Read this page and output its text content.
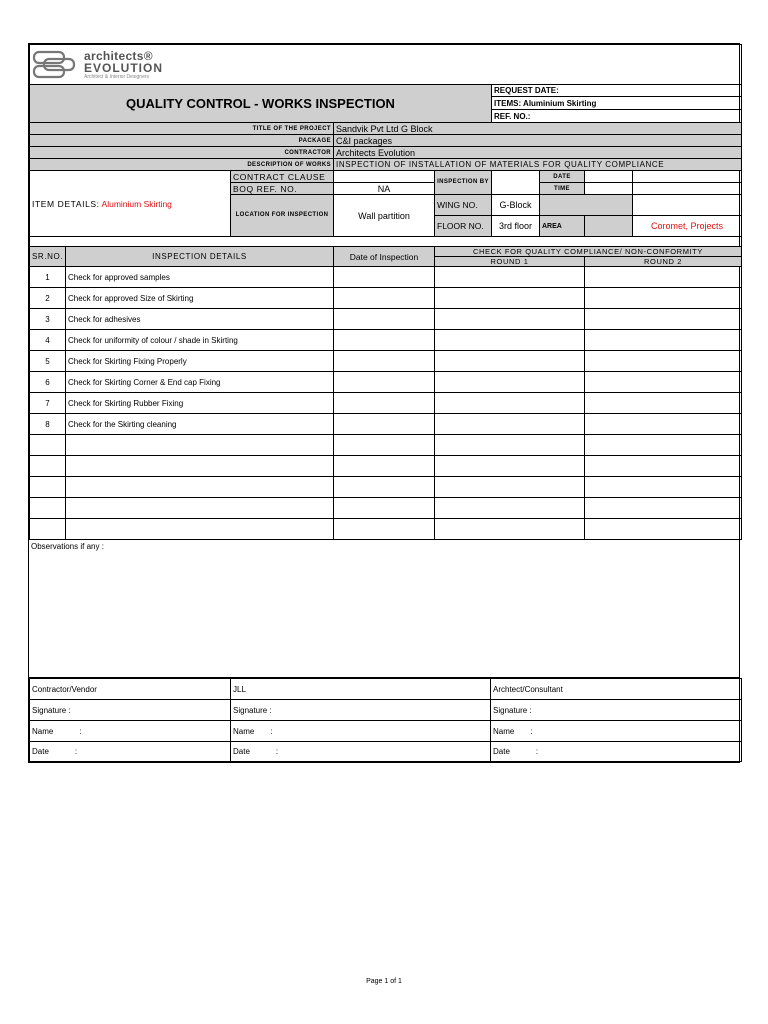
architects®
EVOLUTION
Architect & Interior Designers									

QUALITY CONTROL - WORKS INSPECTION					REQUEST DATE:				
					ITEMS: Aluminium Skirting				
					REF. NO.:				
TITLE OF THE PROJECT			Sandvik Pvt Ltd G Block						
PACKAGE			C&I packages						
CONTRACTOR			Architects Evolution						
DESCRIPTION OF WORKS			INSPECTION OF INSTALLATION OF MATERIALS FOR QUALITY COMPLIANCE						
ITEM DETAILS: Aluminium Skirting		CONTRACT CLAUSE		INSPECTION BY		DATE			
		BOQ REF. NO.	NA			TIME			
		LOCATION FOR INSPECTION	Wall partition	WING NO.	G-Block				
				FLOOR NO.	3rd floor	AREA		Coromet, Projects	

SR.NO.	INSPECTION DETAILS		Date of Inspection	CHECK FOR QUALITY COMPLIANCE/ NON-CONFORMITY					
				ROUND 1			ROUND 2	
1	Check for approved samples								
2	Check for approved Size of Skirting								
3	Check for adhesives								
4	Check for uniformity of colour / shade in Skirting								
5	Check for Skirting Fixing Properly								
6	Check for Skirting Corner & End cap Fixing								
7	Check for Skirting Rubber Fixing								
8	Check for the Skirting cleaning								

Observations if any :
Contractor/Vendor	JLL	Archtect/Consultant
Signature :	Signature :	Signature :
Name :	Name :	Name :
Date :	Date :	Date :
Page 1 of 1
